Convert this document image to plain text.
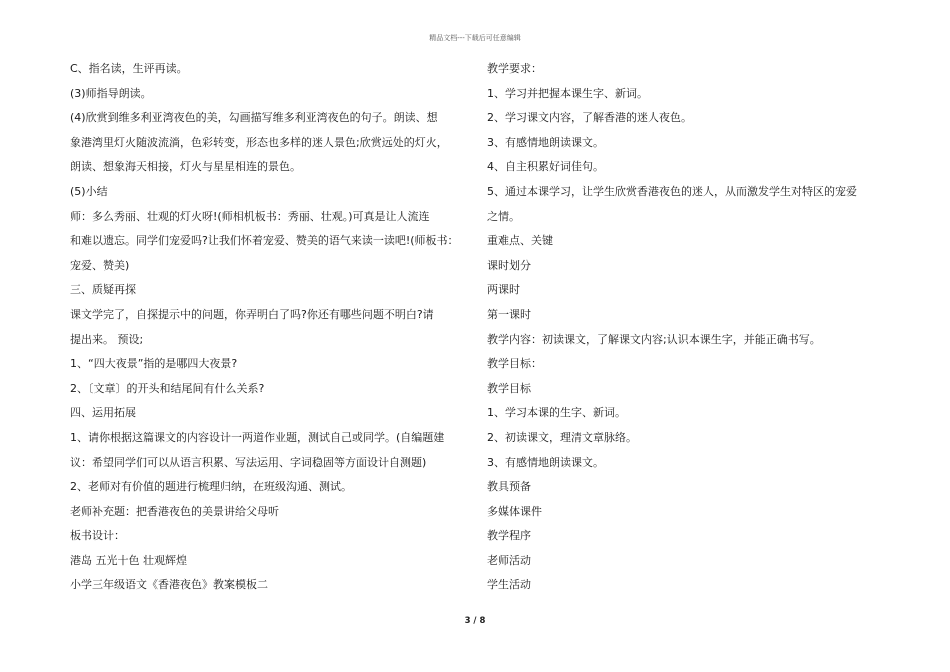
精品文档---下载后可任意编辑
C、指名读，生评再读。
(3)师指导朗读。
(4)欣赏到维多利亚湾夜色的美，勾画描写维多利亚湾夜色的句子。朗读、想
象港湾里灯火随波流淌，色彩转变，形态也多样的迷人景色;欣赏远处的灯火，
朗读、想象海天相接，灯火与星星相连的景色。
(5)小结
师：多么秀丽、壮观的灯火呀!(师相机板书：秀丽、壮观。)可真是让人流连
和难以遗忘。同学们宠爱吗?让我们怀着宠爱、赞美的语气来读一读吧!(师板书：
宠爱、赞美)
三、质疑再探
课文学完了，自探提示中的问题，你弄明白了吗?你还有哪些问题不明白?请
提出来。 预设;
1、“四大夜景”指的是哪四大夜景?
2、〔文章〕的开头和结尾间有什么关系?
四、运用拓展
1、请你根据这篇课文的内容设计一两道作业题，测试自己或同学。(自编题建
议：希望同学们可以从语言积累、写法运用、字词稳固等方面设计自测题)
2、老师对有价值的题进行梳理归纳，在班级沟通、测试。
老师补充题：把香港夜色的美景讲给父母听
板书设计：
港岛 五光十色 壮观辉煌
小学三年级语文《香港夜色》教案模板二
教学要求：
1、学习并把握本课生字、新词。
2、学习课文内容，了解香港的迷人夜色。
3、有感情地朗读课文。
4、自主积累好词佳句。
5、通过本课学习，让学生欣赏香港夜色的迷人，从而激发学生对特区的宠爱
之情。
重难点、关键
课时划分
两课时
第一课时
教学内容：初读课文，了解课文内容;认识本课生字，并能正确书写。
教学目标：
教学目标
1、学习本课的生字、新词。
2、初读课文，理清文章脉络。
3、有感情地朗读课文。
教具预备
多媒体课件
教学程序
老师活动
学生活动
3 / 8
